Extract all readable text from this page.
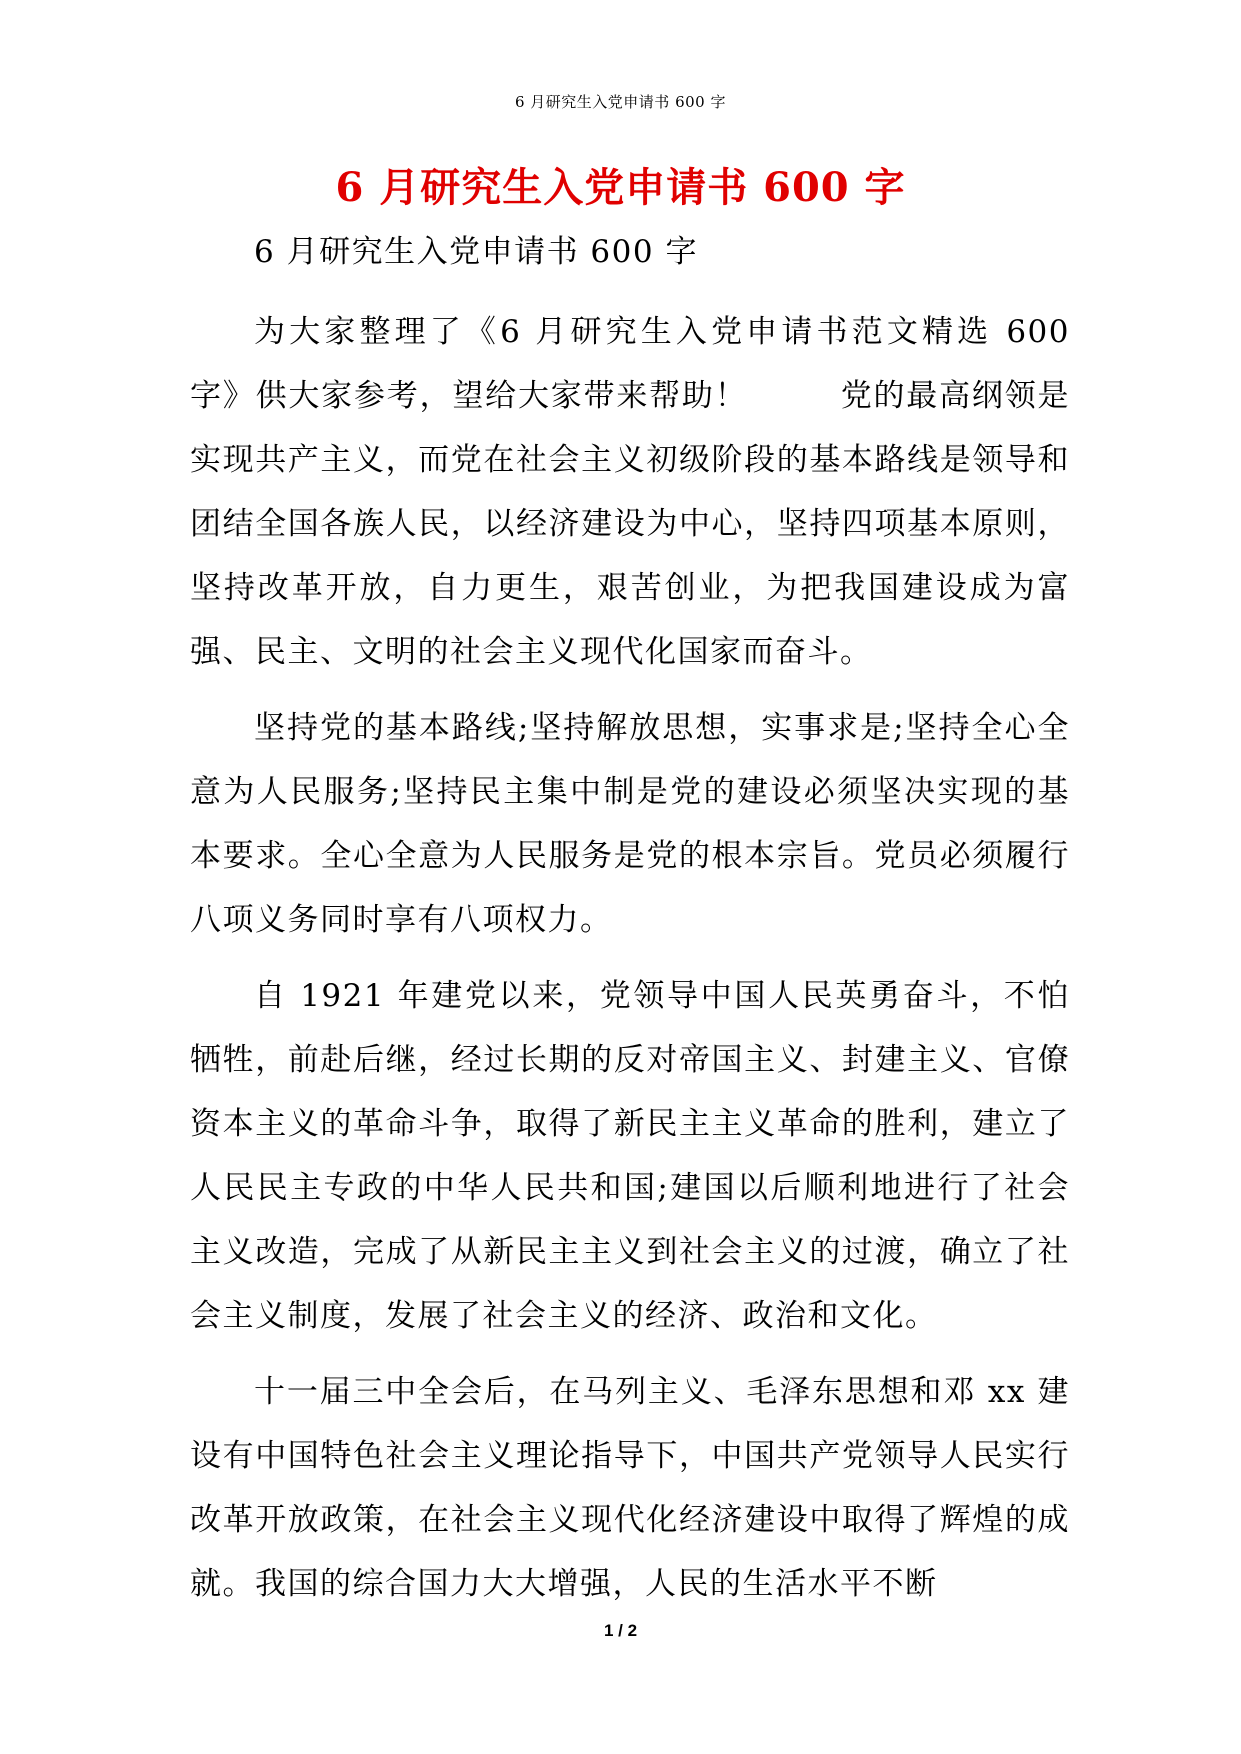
6 月研究生入党申请书 600 字
6 月研究生入党申请书 600 字

6 月研究生入党申请书 600 字

为大家整理了《6 月研究生入党申请书范文精选 600 字》供大家参考，望给大家带来帮助！        党的最高纲领是实现共产主义，而党在社会主义初级阶段的基本路线是领导和团结全国各族人民，以经济建设为中心，坚持四项基本原则，坚持改革开放，自力更生，艰苦创业，为把我国建设成为富强、民主、文明的社会主义现代化国家而奋斗。

坚持党的基本路线;坚持解放思想，实事求是;坚持全心全意为人民服务;坚持民主集中制是党的建设必须坚决实现的基本要求。全心全意为人民服务是党的根本宗旨。党员必须履行八项义务同时享有八项权力。

自 1921 年建党以来，党领导中国人民英勇奋斗，不怕牺牲，前赴后继，经过长期的反对帝国主义、封建主义、官僚资本主义的革命斗争，取得了新民主主义革命的胜利，建立了人民民主专政的中华人民共和国;建国以后顺利地进行了社会主义改造，完成了从新民主主义到社会主义的过渡，确立了社会主义制度，发展了社会主义的经济、政治和文化。

十一届三中全会后，在马列主义、毛泽东思想和邓 xx 建设有中国特色社会主义理论指导下，中国共产党领导人民实行改革开放政策，在社会主义现代化经济建设中取得了辉煌的成就。我国的综合国力大大增强，人民的生活水平不断

1 / 2
